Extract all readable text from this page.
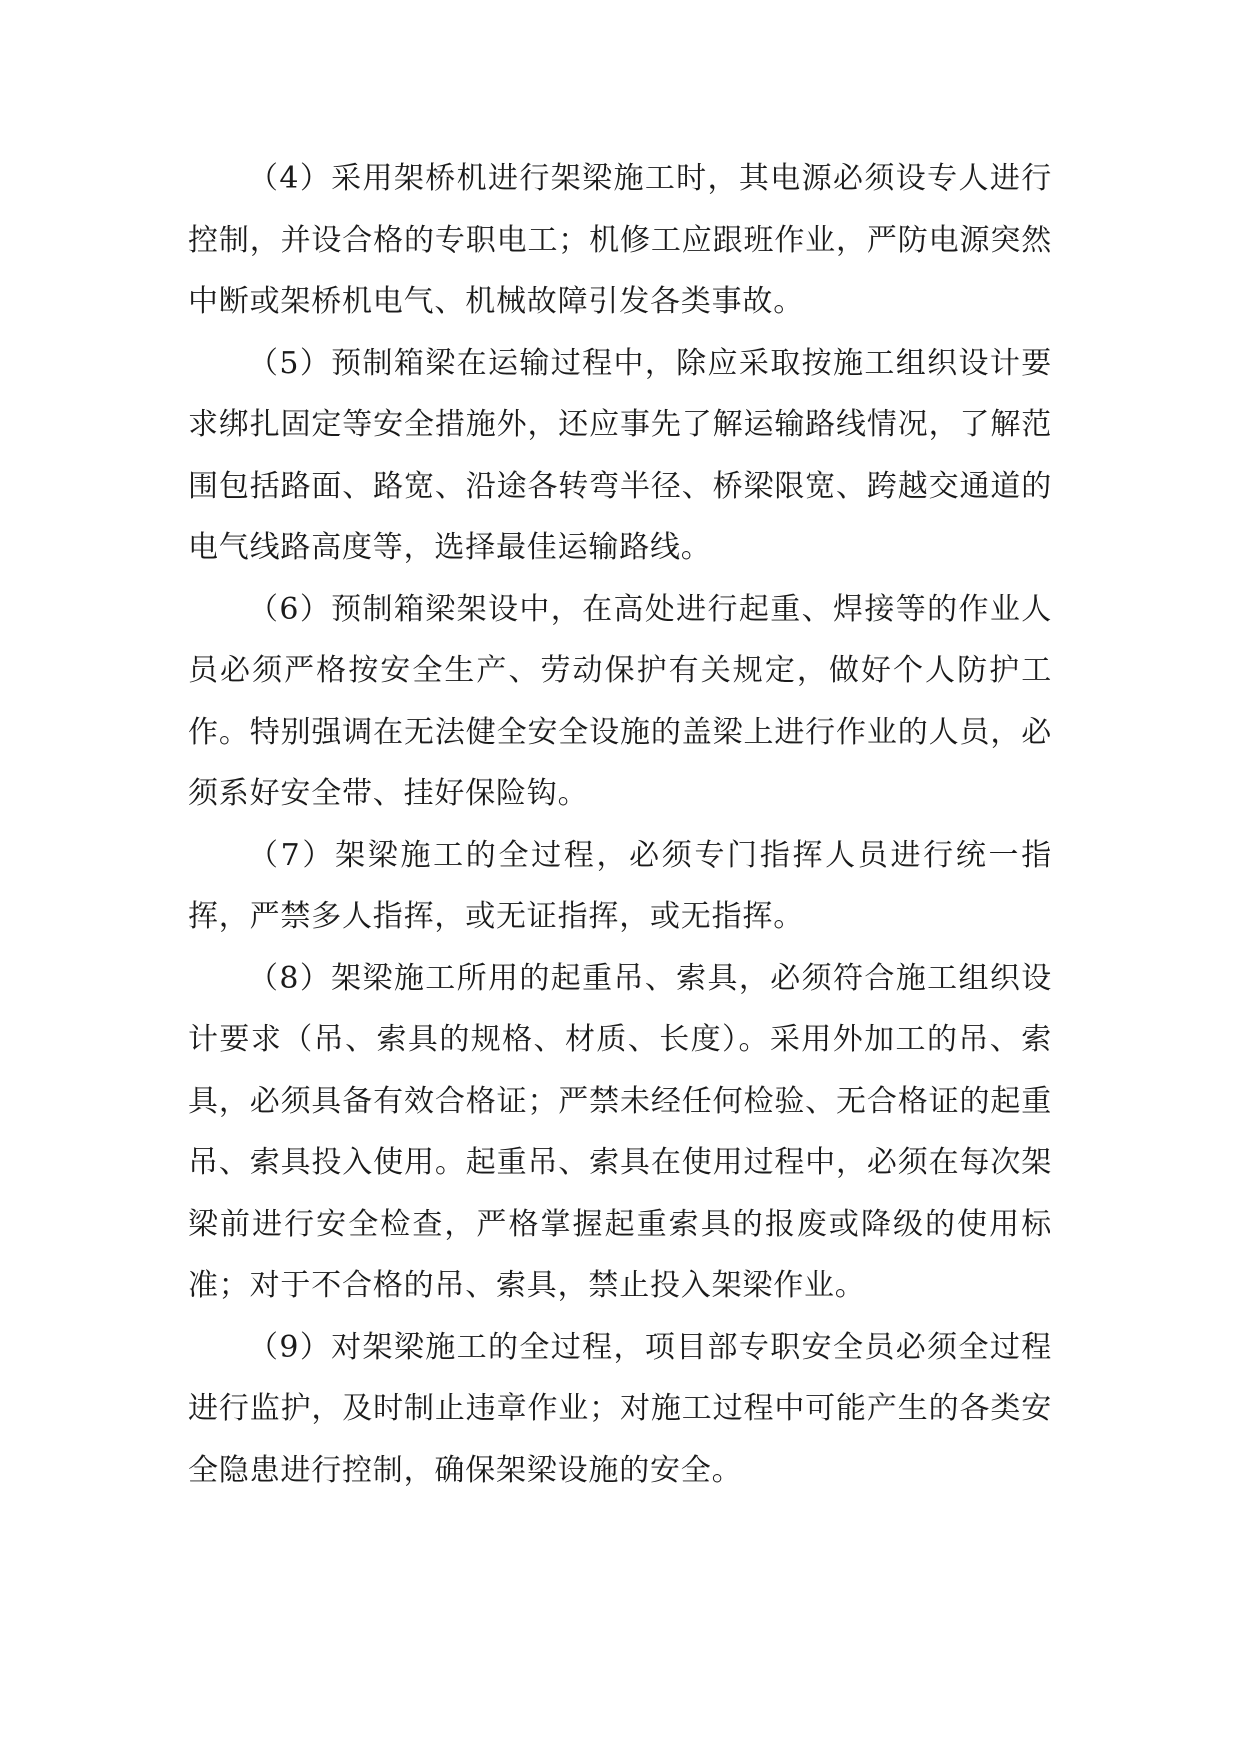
（4）采用架桥机进行架梁施工时，其电源必须设专人进行控制，并设合格的专职电工；机修工应跟班作业，严防电源突然中断或架桥机电气、机械故障引发各类事故。

（5）预制箱梁在运输过程中，除应采取按施工组织设计要求绑扎固定等安全措施外，还应事先了解运输路线情况，了解范围包括路面、路宽、沿途各转弯半径、桥梁限宽、跨越交通道的电气线路高度等，选择最佳运输路线。

（6）预制箱梁架设中，在高处进行起重、焊接等的作业人员必须严格按安全生产、劳动保护有关规定，做好个人防护工作。特别强调在无法健全安全设施的盖梁上进行作业的人员，必须系好安全带、挂好保险钩。

（7）架梁施工的全过程，必须专门指挥人员进行统一指挥，严禁多人指挥，或无证指挥，或无指挥。

（8）架梁施工所用的起重吊、索具，必须符合施工组织设计要求（吊、索具的规格、材质、长度）。采用外加工的吊、索具，必须具备有效合格证；严禁未经任何检验、无合格证的起重吊、索具投入使用。起重吊、索具在使用过程中，必须在每次架梁前进行安全检查，严格掌握起重索具的报废或降级的使用标准；对于不合格的吊、索具，禁止投入架梁作业。

（9）对架梁施工的全过程，项目部专职安全员必须全过程进行监护，及时制止违章作业；对施工过程中可能产生的各类安全隐患进行控制，确保架梁设施的安全。
